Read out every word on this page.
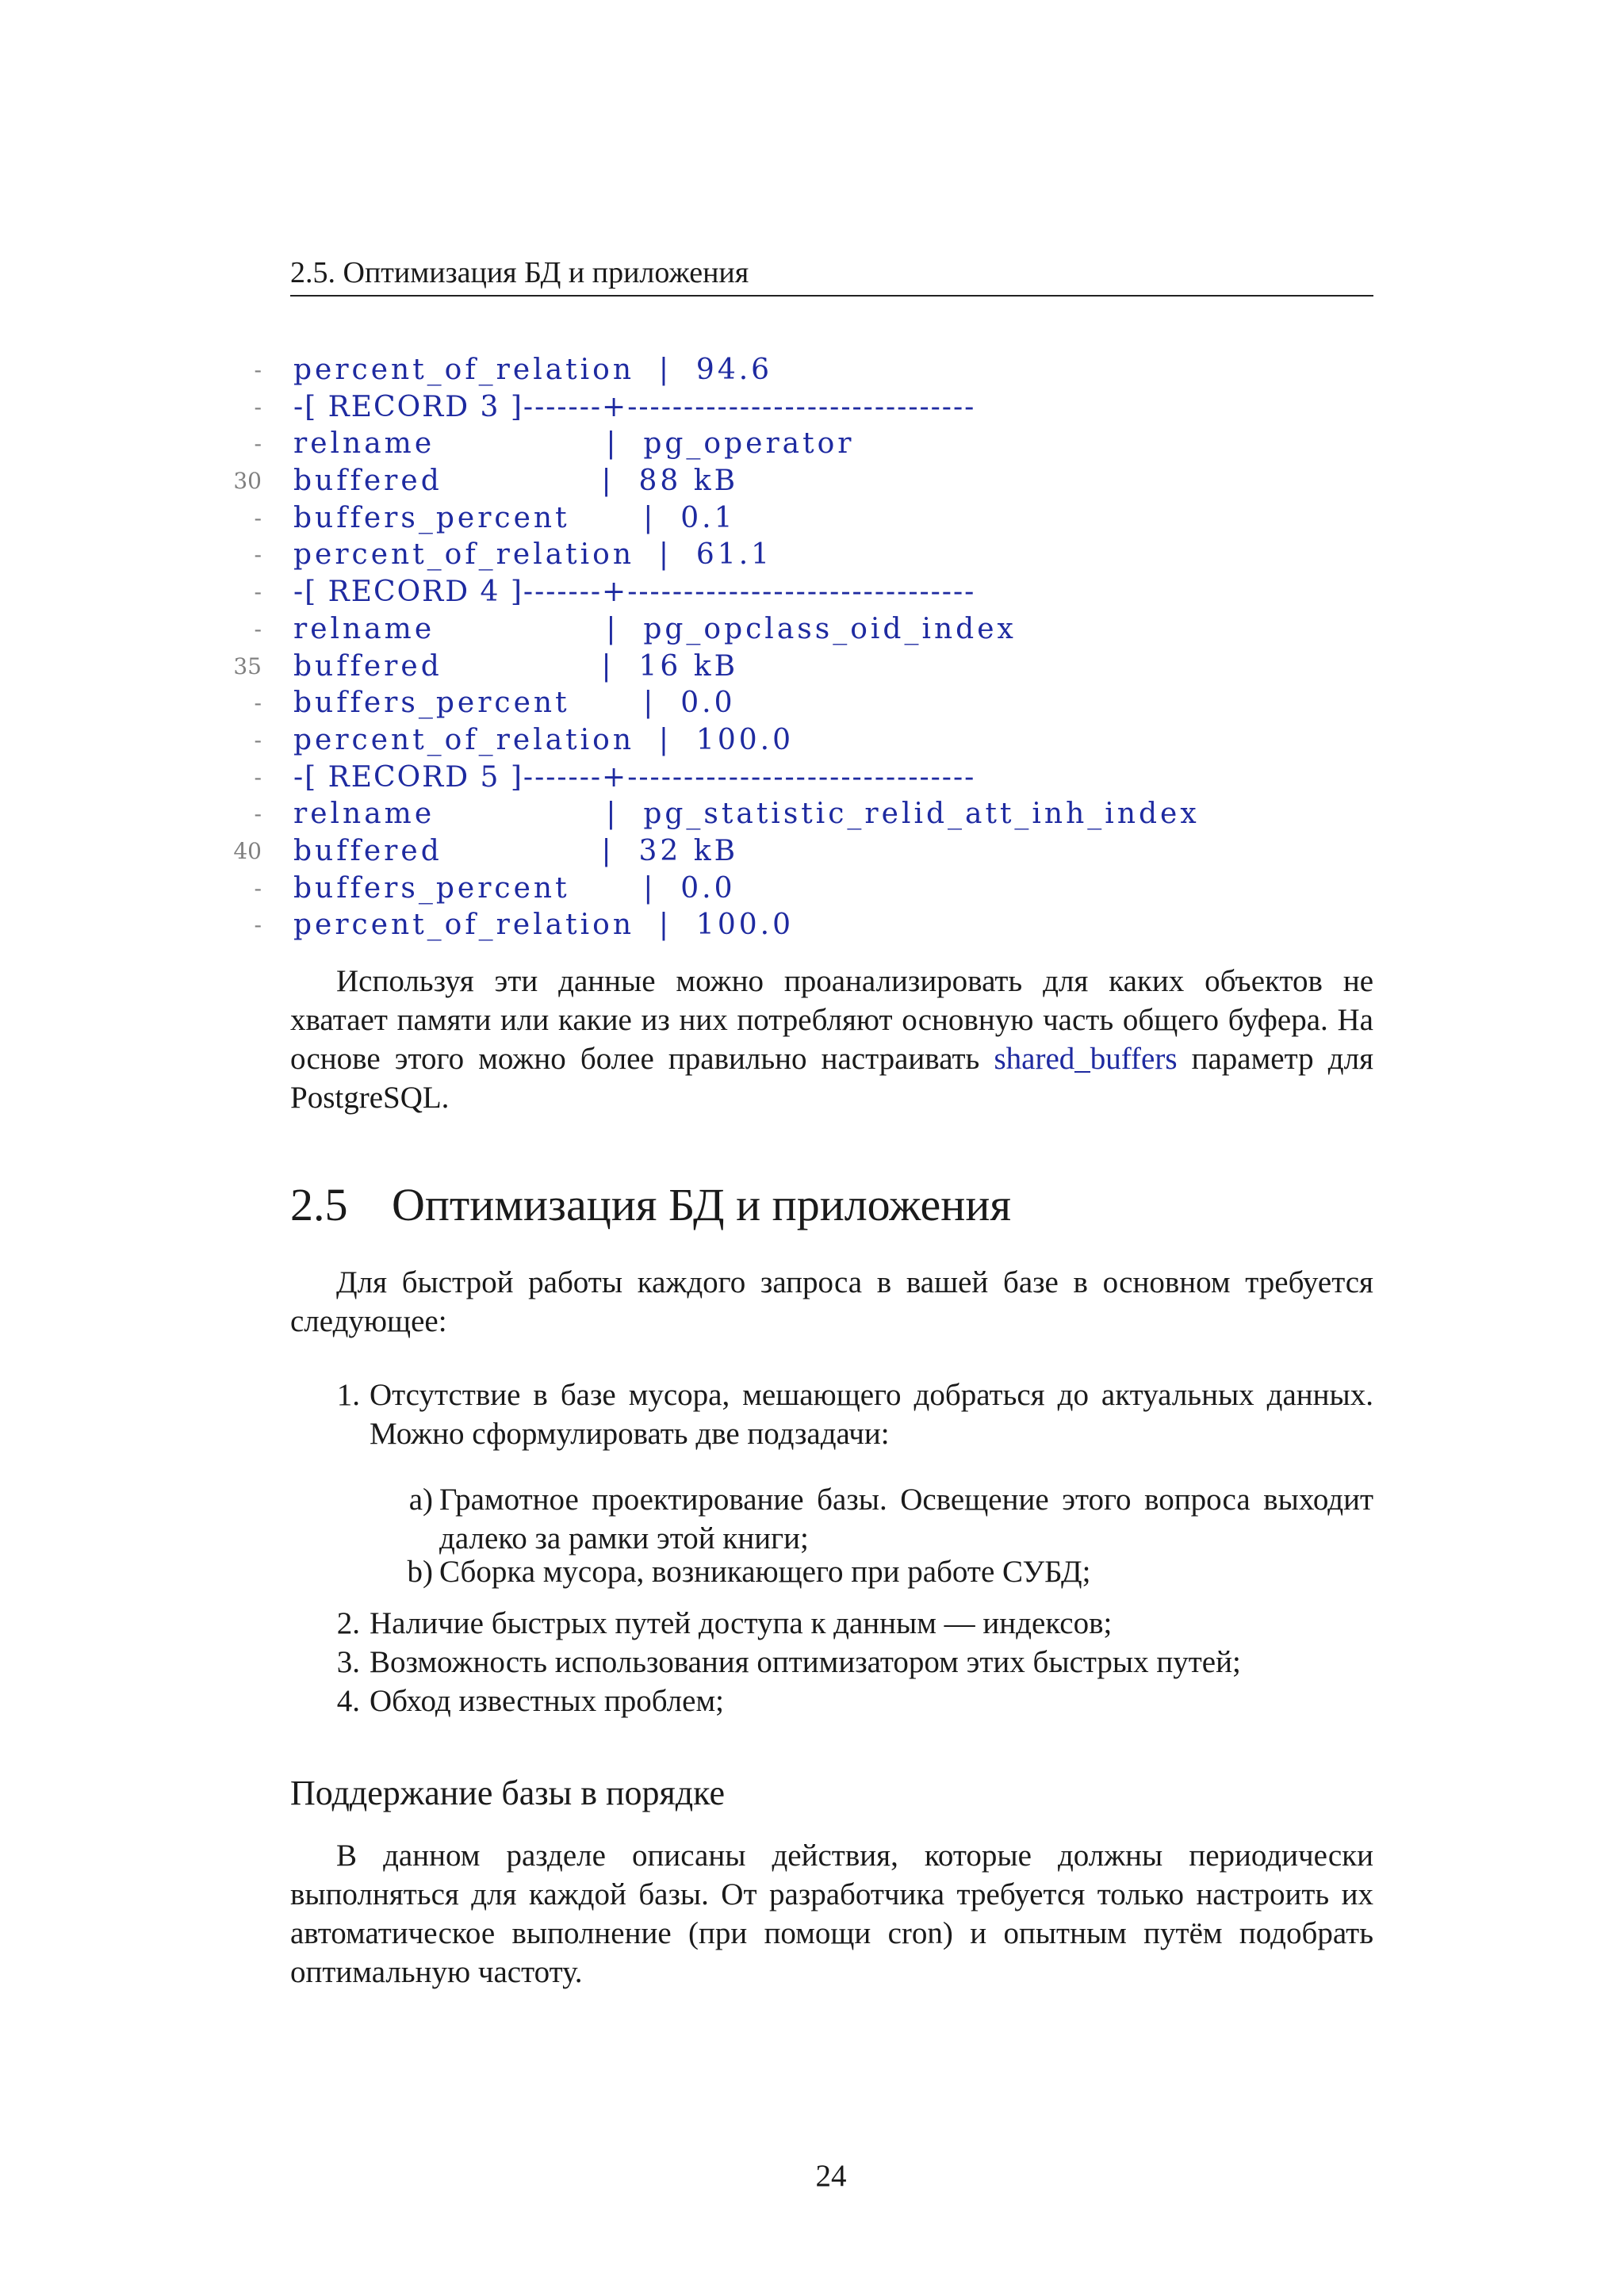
2.5. Оптимизация БД и приложения
- percent_of_relation  |  94.6
- -[ RECORD 3 ]-------+-------------------------------
- relname              |  pg_operator
30 buffered             |  88 kB
- buffers_percent      |  0.1
- percent_of_relation  |  61.1
- -[ RECORD 4 ]-------+-------------------------------
- relname              |  pg_opclass_oid_index
35 buffered             |  16 kB
- buffers_percent      |  0.0
- percent_of_relation  |  100.0
- -[ RECORD 5 ]-------+-------------------------------
- relname              |  pg_statistic_relid_att_inh_index
40 buffered             |  32 kB
- buffers_percent      |  0.0
- percent_of_relation  |  100.0

Используя эти данные можно проанализировать для каких объектов не хватает памяти или какие из них потребляют основную часть общего буфера. На основе этого можно более правильно настраивать shared_buffers параметр для PostgreSQL.

2.5 Оптимизация БД и приложения

Для быстрой работы каждого запроса в вашей базе в основном требуется следующее:

1. Отсутствие в базе мусора, мешающего добраться до актуальных данных. Можно сформулировать две подзадачи:
a) Грамотное проектирование базы. Освещение этого вопроса выходит далеко за рамки этой книги;
b) Сборка мусора, возникающего при работе СУБД;
2. Наличие быстрых путей доступа к данным — индексов;
3. Возможность использования оптимизатором этих быстрых путей;
4. Обход известных проблем;
Поддержание базы в порядке

В данном разделе описаны действия, которые должны периодически выполняться для каждой базы. От разработчика требуется только настроить их автоматическое выполнение (при помощи cron) и опытным путём подобрать оптимальную частоту.

24
